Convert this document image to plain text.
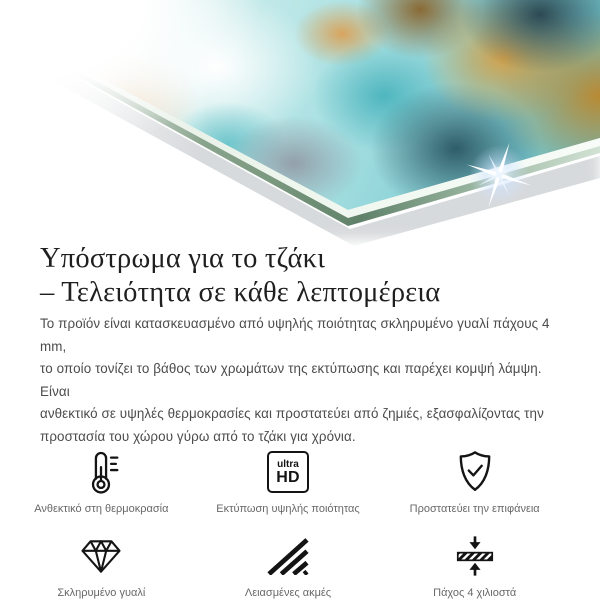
Υπόστρωμα για το τζάκι
– Τελειότητα σε κάθε λεπτομέρεια

Το προϊόν είναι κατασκευασμένο από υψηλής ποιότητας σκληρυμένο γυαλί πάχους 4 mm,
το οποίο τονίζει το βάθος των χρωμάτων της εκτύπωσης και παρέχει κομψή λάμψη. Είναι
ανθεκτικό σε υψηλές θερμοκρασίες και προστατεύει από ζημιές, εξασφαλίζοντας την
προστασία του χώρου γύρω από το τζάκι για χρόνια.

Ανθεκτικό στη θερμοκρασία
ultra
HD
Εκτύπωση υψηλής ποιότητας	Προστατεύει την επιφάνεια
Σκληρυμένο γυαλί	Λειασμένες ακμές	Πάχος 4 χιλιοστά
